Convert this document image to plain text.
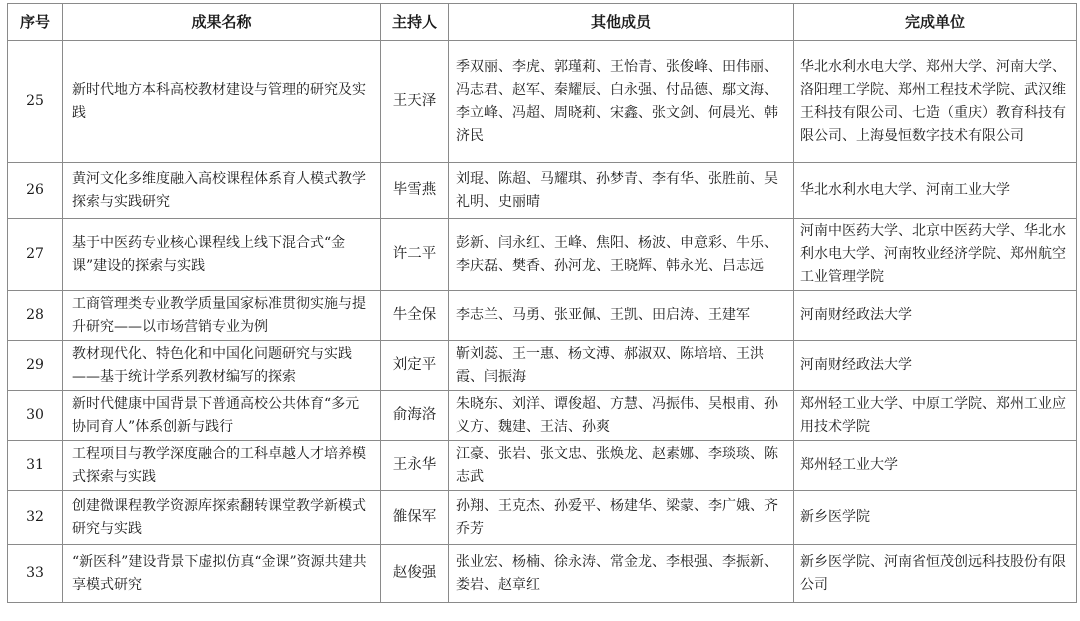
序号	成果名称	主持人	其他成员	完成单位
25	新时代地方本科高校教材建设与管理的研究及实践	王天泽	季双丽、李虎、郭瑾莉、王怡青、张俊峰、田伟丽、冯志君、赵军、秦耀辰、白永强、付品德、鄢文海、李立峰、冯超、周晓莉、宋鑫、张文剑、何晨光、韩济民	华北水利水电大学、郑州大学、河南大学、洛阳理工学院、郑州工程技术学院、武汉维王科技有限公司、七造（重庆）教育科技有限公司、上海曼恒数字技术有限公司
26	黄河文化多维度融入高校课程体系育人模式教学探索与实践研究	毕雪燕	刘琨、陈超、马耀琪、孙梦青、李有华、张胜前、吴礼明、史丽晴	华北水利水电大学、河南工业大学
27	基于中医药专业核心课程线上线下混合式“金课”建设的探索与实践	许二平	彭新、闫永红、王峰、焦阳、杨波、申意彩、牛乐、李庆磊、樊香、孙河龙、王晓辉、韩永光、吕志远	河南中医药大学、北京中医药大学、华北水利水电大学、河南牧业经济学院、郑州航空工业管理学院
28	工商管理类专业教学质量国家标准贯彻实施与提升研究——以市场营销专业为例	牛全保	李志兰、马勇、张亚佩、王凯、田启涛、王建军	河南财经政法大学
29	教材现代化、特色化和中国化问题研究与实践——基于统计学系列教材编写的探索	刘定平	靳刘蕊、王一惠、杨文溥、郝淑双、陈培培、王洪霞、闫振海	河南财经政法大学
30	新时代健康中国背景下普通高校公共体育“多元协同育人”体系创新与践行	俞海洛	朱晓东、刘洋、谭俊超、方慧、冯振伟、吴根甫、孙义方、魏建、王洁、孙爽	郑州轻工业大学、中原工学院、郑州工业应用技术学院
31	工程项目与教学深度融合的工科卓越人才培养模式探索与实践	王永华	江豪、张岩、张文忠、张焕龙、赵素娜、李琰琰、陈志武	郑州轻工业大学
32	创建微课程教学资源库探索翻转课堂教学新模式研究与实践	雒保军	孙翔、王克杰、孙爱平、杨建华、梁蒙、李广娥、齐乔芳	新乡医学院
33	“新医科”建设背景下虚拟仿真“金课”资源共建共享模式研究	赵俊强	张业宏、杨楠、徐永涛、常金龙、李根强、李振新、娄岩、赵章红	新乡医学院、河南省恒茂创远科技股份有限公司
